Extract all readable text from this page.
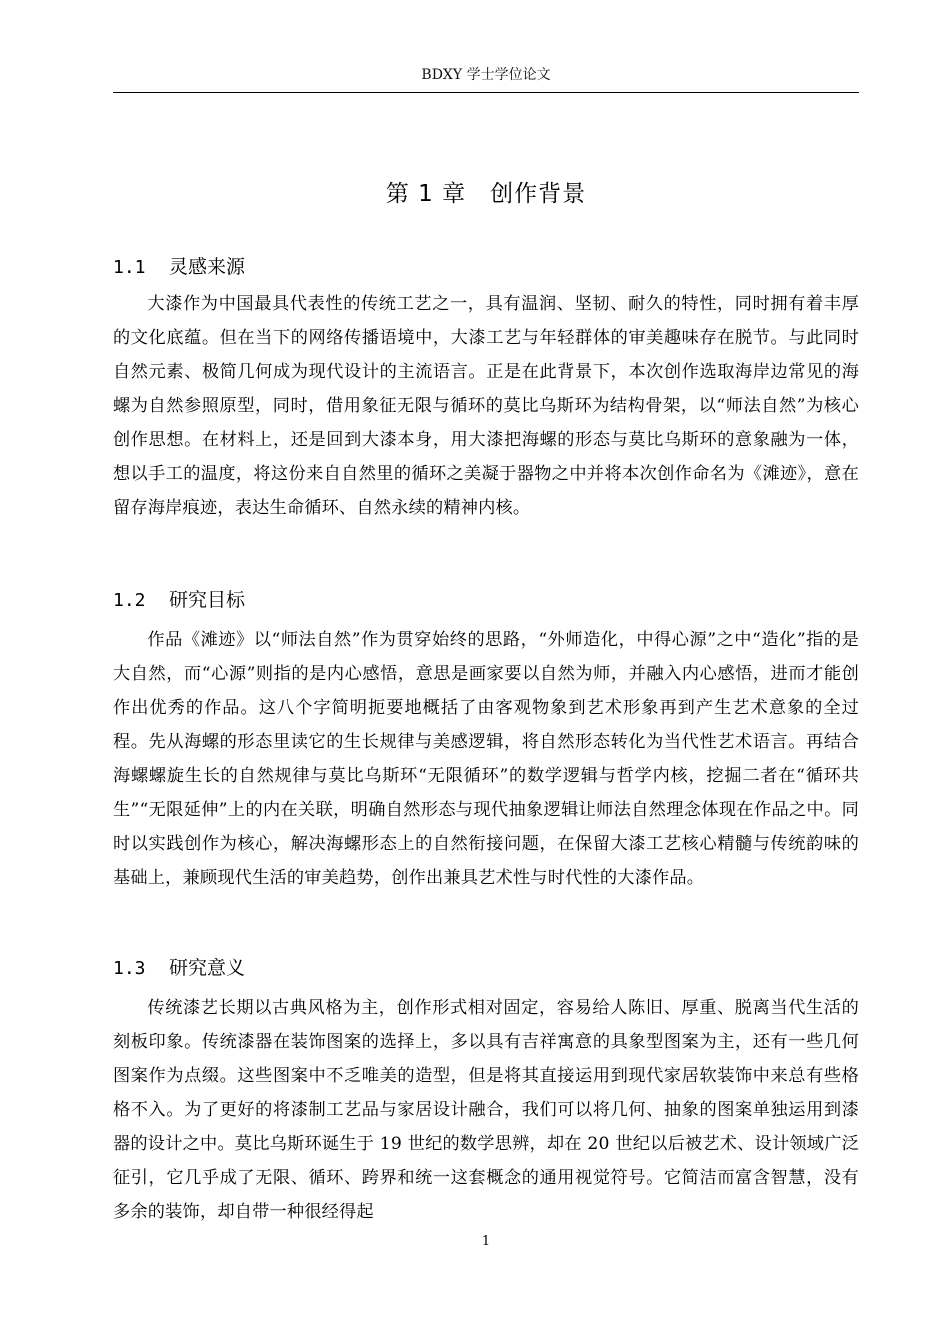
BDXY 学士学位论文
第 1 章　创作背景
1.1 灵感来源

大漆作为中国最具代表性的传统工艺之一，具有温润、坚韧、耐久的特性，同时拥有着丰厚的文化底蕴。但在当下的网络传播语境中，大漆工艺与年轻群体的审美趣味存在脱节。与此同时自然元素、极简几何成为现代设计的主流语言。正是在此背景下，本次创作选取海岸边常见的海螺为自然参照原型，同时，借用象征无限与循环的莫比乌斯环为结构骨架，以“师法自然”为核心创作思想。在材料上，还是回到大漆本身，用大漆把海螺的形态与莫比乌斯环的意象融为一体，想以手工的温度，将这份来自自然里的循环之美凝于器物之中并将本次创作命名为《滩迹》，意在留存海岸痕迹，表达生命循环、自然永续的精神内核。

1.2 研究目标

作品《滩迹》以“师法自然”作为贯穿始终的思路，“外师造化，中得心源”之中“造化”指的是大自然，而“心源”则指的是内心感悟，意思是画家要以自然为师，并融入内心感悟，进而才能创作出优秀的作品。这八个字简明扼要地概括了由客观物象到艺术形象再到产生艺术意象的全过程。先从海螺的形态里读它的生长规律与美感逻辑，将自然形态转化为当代性艺术语言。再结合海螺螺旋生长的自然规律与莫比乌斯环“无限循环”的数学逻辑与哲学内核，挖掘二者在“循环共生”“无限延伸”上的内在关联，明确自然形态与现代抽象逻辑让师法自然理念体现在作品之中。同时以实践创作为核心，解决海螺形态上的自然衔接问题，在保留大漆工艺核心精髓与传统韵味的基础上，兼顾现代生活的审美趋势，创作出兼具艺术性与时代性的大漆作品。

1.3 研究意义

传统漆艺长期以古典风格为主，创作形式相对固定，容易给人陈旧、厚重、脱离当代生活的刻板印象。传统漆器在装饰图案的选择上，多以具有吉祥寓意的具象型图案为主，还有一些几何图案作为点缀。这些图案中不乏唯美的造型，但是将其直接运用到现代家居软装饰中来总有些格格不入。为了更好的将漆制工艺品与家居设计融合，我们可以将几何、抽象的图案单独运用到漆器的设计之中。莫比乌斯环诞生于 19 世纪的数学思辨，却在 20 世纪以后被艺术、设计领域广泛征引，它几乎成了无限、循环、跨界和统一这套概念的通用视觉符号。它简洁而富含智慧，没有多余的装饰，却自带一种很经得起

1
